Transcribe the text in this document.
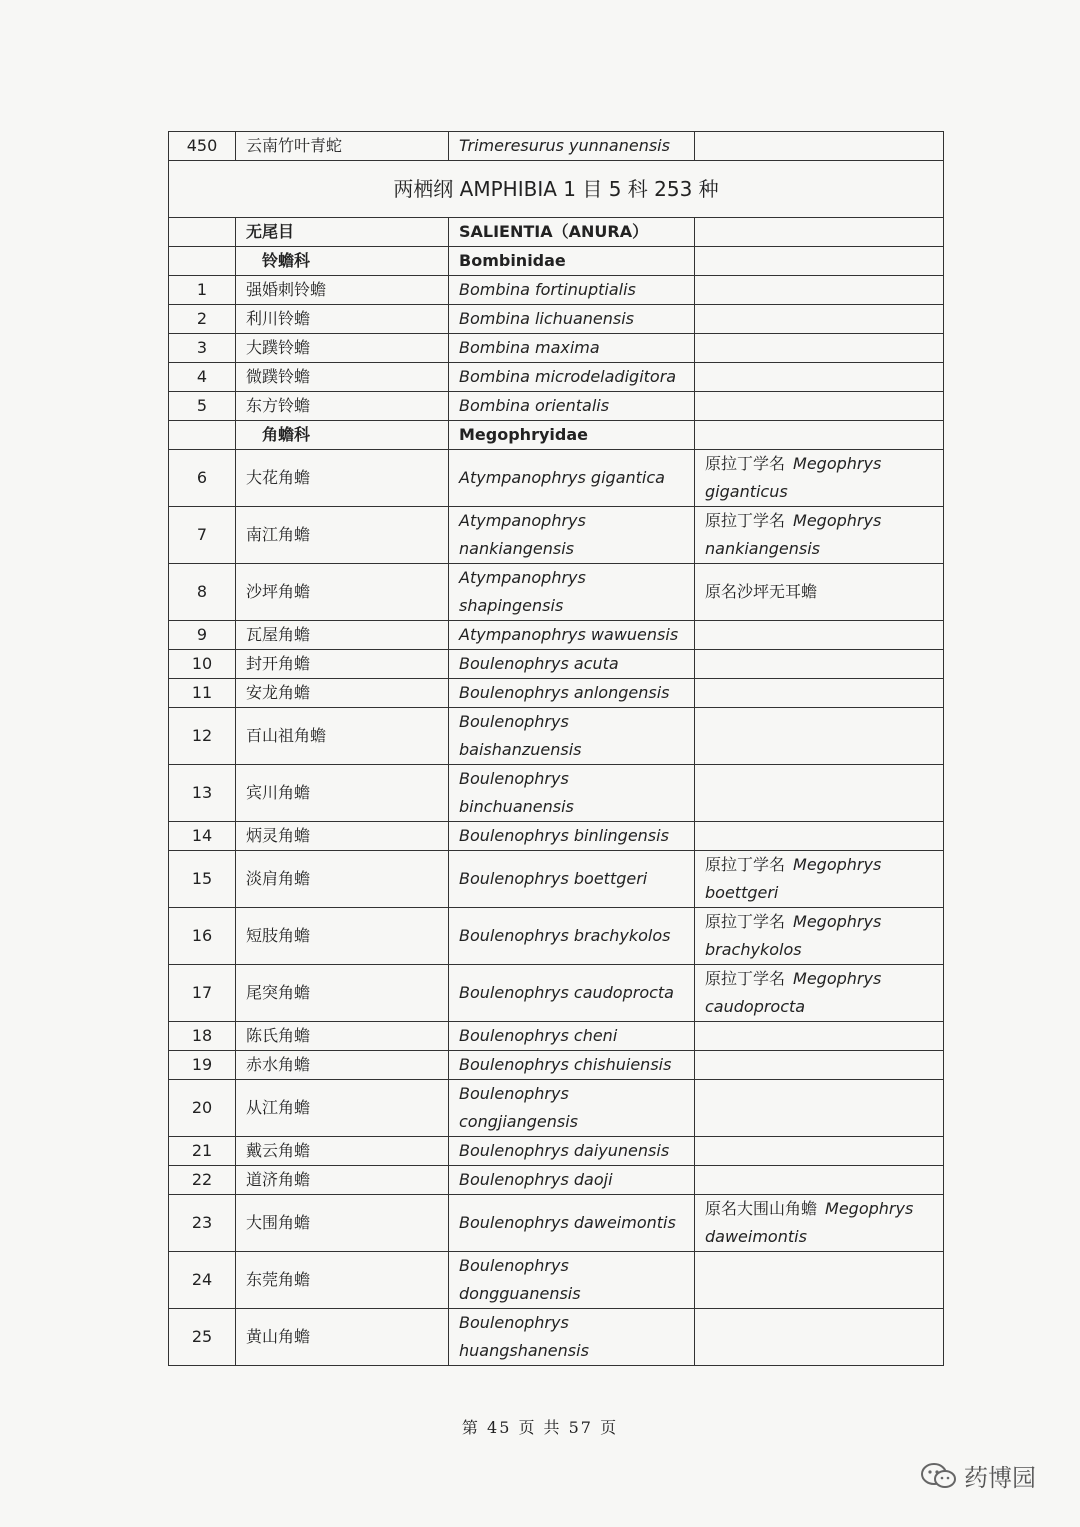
450	云南竹叶青蛇	Trimeresurus yunnanensis	
两栖纲 AMPHIBIA 1 目 5 科 253 种			
	无尾目	SALIENTIA（ANURA）	
	铃蟾科	Bombinidae	
1	强婚刺铃蟾	Bombina fortinuptialis	
2	利川铃蟾	Bombina lichuanensis	
3	大蹼铃蟾	Bombina maxima	
4	微蹼铃蟾	Bombina microdeladigitora	
5	东方铃蟾	Bombina orientalis	
	角蟾科	Megophryidae	
6	大花角蟾	Atympanophrys gigantica	原拉丁学名  Megophrys giganticus
7	南江角蟾	Atympanophrys nankiangensis	原拉丁学名  Megophrys nankiangensis
8	沙坪角蟾	Atympanophrys shapingensis	原名沙坪无耳蟾
9	瓦屋角蟾	Atympanophrys wawuensis	
10	封开角蟾	Boulenophrys acuta	
11	安龙角蟾	Boulenophrys anlongensis	
12	百山祖角蟾	Boulenophrys baishanzuensis	
13	宾川角蟾	Boulenophrys binchuanensis	
14	炳灵角蟾	Boulenophrys binlingensis	
15	淡肩角蟾	Boulenophrys boettgeri	原拉丁学名  Megophrys boettgeri
16	短肢角蟾	Boulenophrys brachykolos	原拉丁学名  Megophrys brachykolos
17	尾突角蟾	Boulenophrys caudoprocta	原拉丁学名  Megophrys caudoprocta
18	陈氏角蟾	Boulenophrys cheni	
19	赤水角蟾	Boulenophrys chishuiensis	
20	从江角蟾	Boulenophrys congjiangensis	
21	戴云角蟾	Boulenophrys daiyunensis	
22	道济角蟾	Boulenophrys daoji	
23	大围角蟾	Boulenophrys daweimontis	原名大围山角蟾  Megophrys daweimontis
24	东莞角蟾	Boulenophrys dongguanensis	
25	黄山角蟾	Boulenophrys huangshanensis	
第 45 页 共 57 页
药博园
